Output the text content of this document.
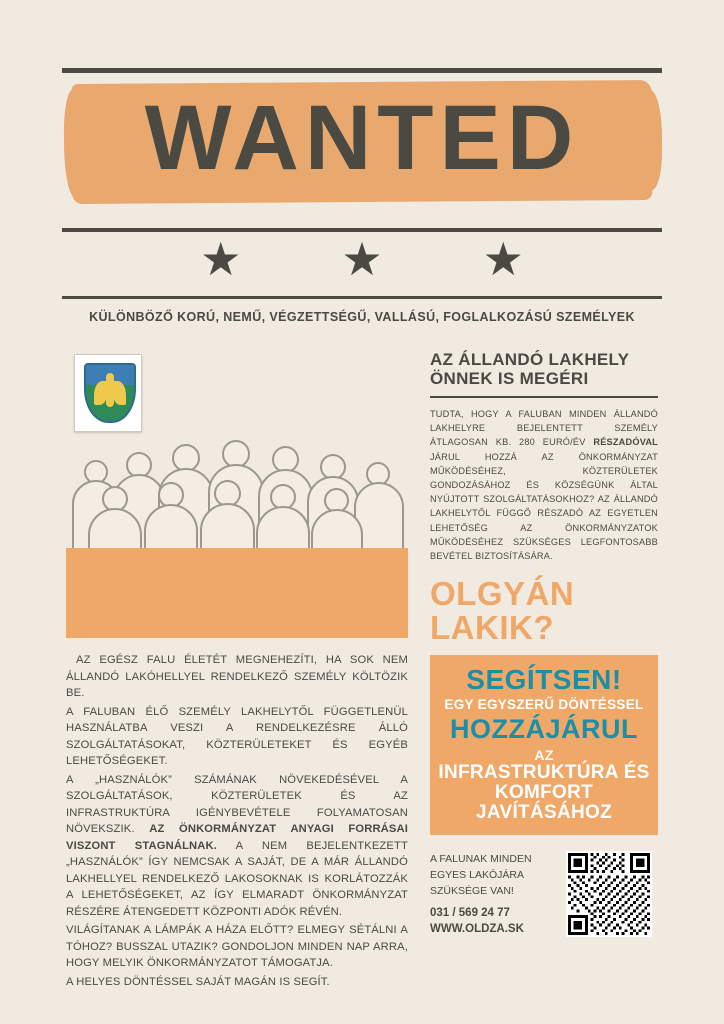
WANTED
★ ★ ★
KÜLÖNBÖZŐ KORÚ, NEMŰ, VÉGZETTSÉGŰ, VALLÁSÚ, FOGLALKOZÁSÚ SZEMÉLYEK

AZ EGÉSZ FALU ÉLETÉT MEGNEHEZÍTI, HA SOK NEM ÁLLANDÓ LAKÓHELLYEL RENDELKEZŐ SZEMÉLY KÖLTÖZIK BE.

A FALUBAN ÉLŐ SZEMÉLY LAKHELYTŐL FÜGGETLENÜL HASZNÁLATBA VESZI A RENDELKEZÉSRE ÁLLÓ SZOLGÁLTATÁSOKAT, KÖZTERÜLETEKET ÉS EGYÉB LEHETŐSÉGEKET.

A „HASZNÁLÓK” SZÁMÁNAK NÖVEKEDÉSÉVEL A SZOLGÁLTATÁSOK, KÖZTERÜLETEK ÉS AZ INFRASTRUKTÚRA IGÉNYBEVÉTELE FOLYAMATOSAN NÖVEKSZIK. AZ ÖNKORMÁNYZAT ANYAGI FORRÁSAI VISZONT STAGNÁLNAK. A NEM BEJELENTKEZETT „HASZNÁLÓK” ÍGY NEMCSAK A SAJÁT, DE A MÁR ÁLLANDÓ LAKHELLYEL RENDELKEZŐ LAKOSOKNAK IS KORLÁTOZZÁK A LEHETŐSÉGEKET, AZ ÍGY ELMARADT ÖNKORMÁNYZAT RÉSZÉRE ÁTENGEDETT KÖZPONTI ADÓK RÉVÉN.

VILÁGÍTANAK A LÁMPÁK A HÁZA ELŐTT? ELMEGY SÉTÁLNI A TÓHOZ? BUSSZAL UTAZIK? GONDOLJON MINDEN NAP ARRA, HOGY MELYIK ÖNKORMÁNYZATOT TÁMOGATJA.

A HELYES DÖNTÉSSEL SAJÁT MAGÁN IS SEGÍT.

AZ ÁLLANDÓ LAKHELY ÖNNEK IS MEGÉRI
TUDTA, HOGY A FALUBAN MINDEN ÁLLANDÓ LAKHELYRE BEJELENTETT SZEMÉLY ÁTLAGOSAN KB. 280 EURÓ/ÉV RÉSZADÓVAL JÁRUL HOZZÁ AZ ÖNKORMÁNYZAT MŰKÖDÉSÉHEZ, KÖZTERÜLETEK GONDOZÁSÁHOZ ÉS KÖZSÉGÜNK ÁLTAL NYÚJTOTT SZOLGÁLTATÁSOKHOZ? AZ ÁLLANDÓ LAKHELYTŐL FÜGGŐ RÉSZADÓ AZ EGYETLEN LEHETŐSÉG AZ ÖNKORMÁNYZATOK MŰKÖDÉSÉHEZ SZÜKSÉGES LEGFONTOSABB BEVÉTEL BIZTOSÍTÁSÁRA.
OLGYÁN LAKIK?
SEGÍTSEN!
EGY EGYSZERŰ DÖNTÉSSEL
HOZZÁJÁRUL
AZ
INFRASTRUKTÚRA ÉS KOMFORT JAVÍTÁSÁHOZ
A FALUNAK MINDEN EGYES LAKÓJÁRA SZÜKSÉGE VAN!
031 / 569 24 77
WWW.OLDZA.SK
